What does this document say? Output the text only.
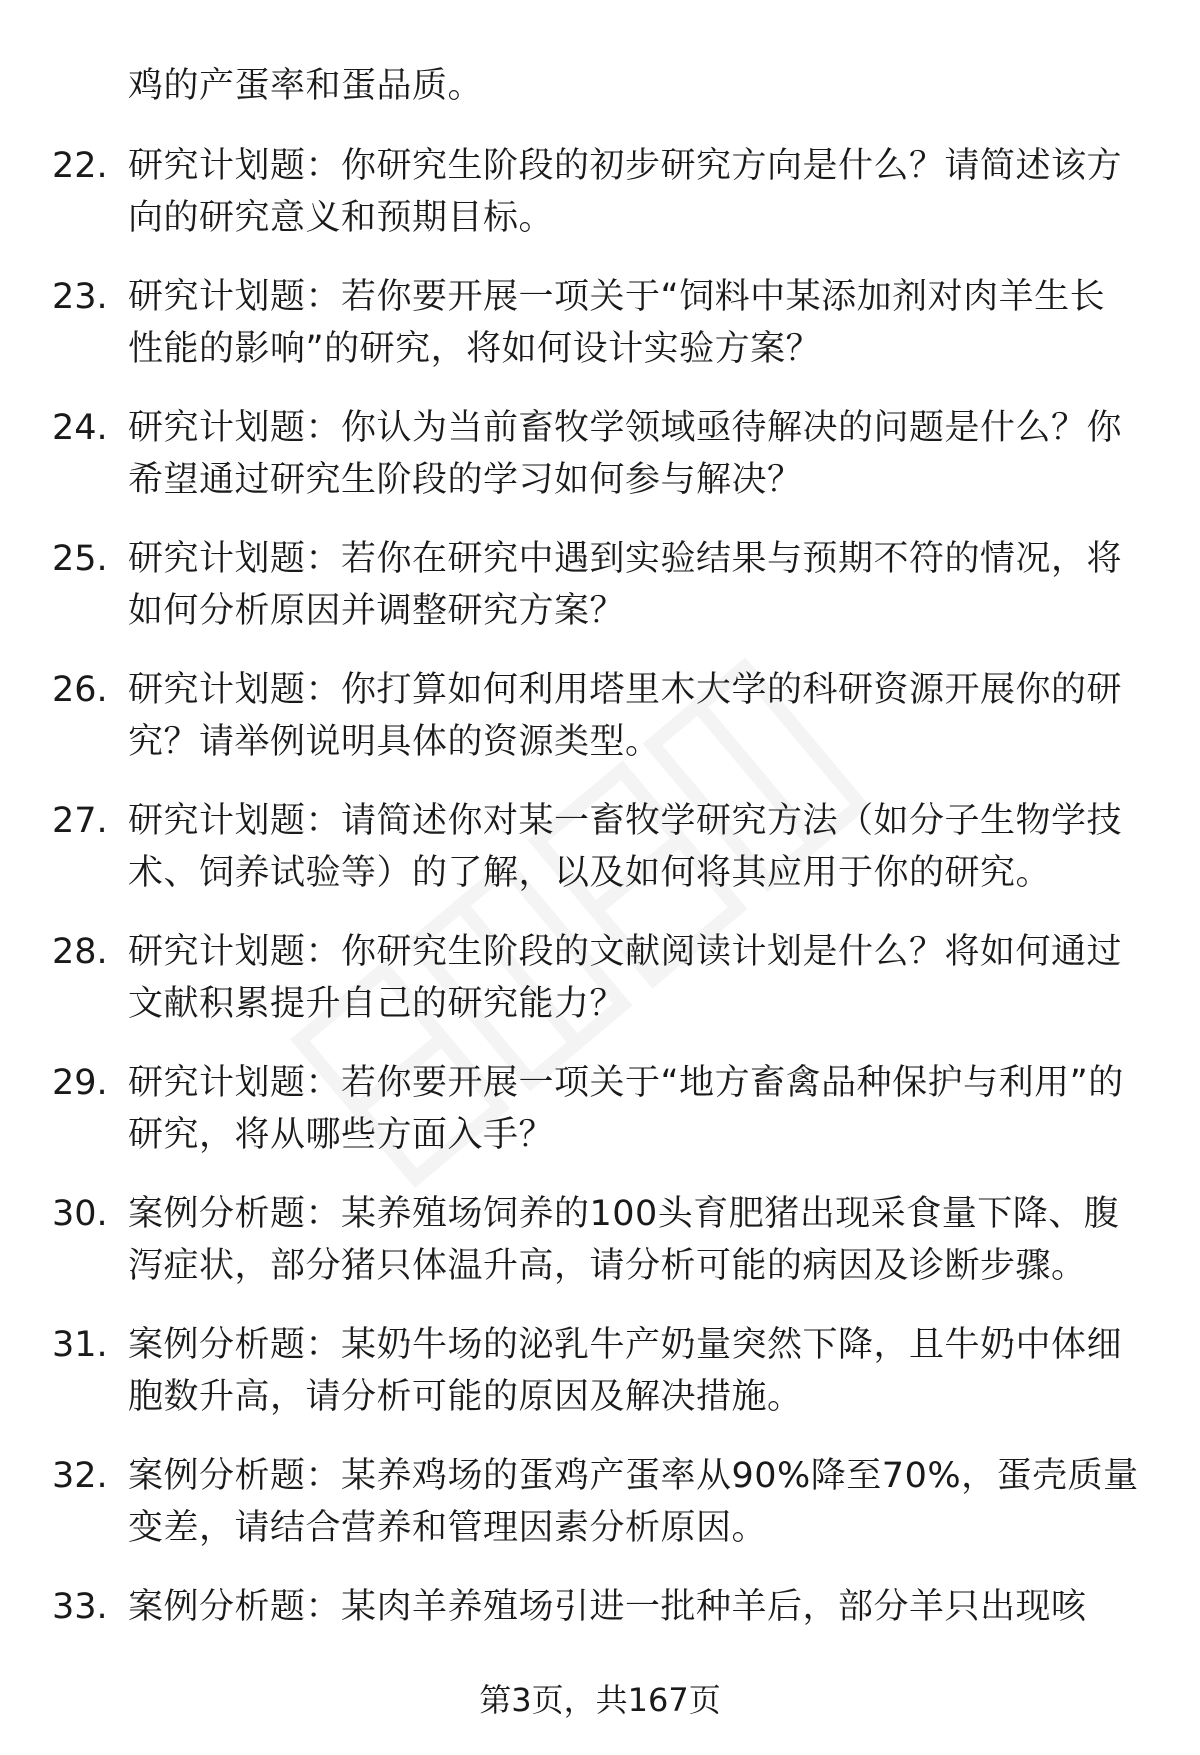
鸡的产蛋率和蛋品质。

22. 研究计划题：你研究生阶段的初步研究方向是什么？请简述该方向的研究意义和预期目标。

23. 研究计划题：若你要开展一项关于“饲料中某添加剂对肉羊生长性能的影响”的研究，将如何设计实验方案？

24. 研究计划题：你认为当前畜牧学领域亟待解决的问题是什么？你希望通过研究生阶段的学习如何参与解决？

25. 研究计划题：若你在研究中遇到实验结果与预期不符的情况，将如何分析原因并调整研究方案？

26. 研究计划题：你打算如何利用塔里木大学的科研资源开展你的研究？请举例说明具体的资源类型。

27. 研究计划题：请简述你对某一畜牧学研究方法（如分子生物学技术、饲养试验等）的了解，以及如何将其应用于你的研究。

28. 研究计划题：你研究生阶段的文献阅读计划是什么？将如何通过文献积累提升自己的研究能力？

29. 研究计划题：若你要开展一项关于“地方畜禽品种保护与利用”的研究，将从哪些方面入手？

30. 案例分析题：某养殖场饲养的100头育肥猪出现采食量下降、腹泻症状，部分猪只体温升高，请分析可能的病因及诊断步骤。

31. 案例分析题：某奶牛场的泌乳牛产奶量突然下降，且牛奶中体细胞数升高，请分析可能的原因及解决措施。

32. 案例分析题：某养鸡场的蛋鸡产蛋率从90%降至70%，蛋壳质量变差，请结合营养和管理因素分析原因。

33. 案例分析题：某肉羊养殖场引进一批种羊后，部分羊只出现咳

第3页，共167页
